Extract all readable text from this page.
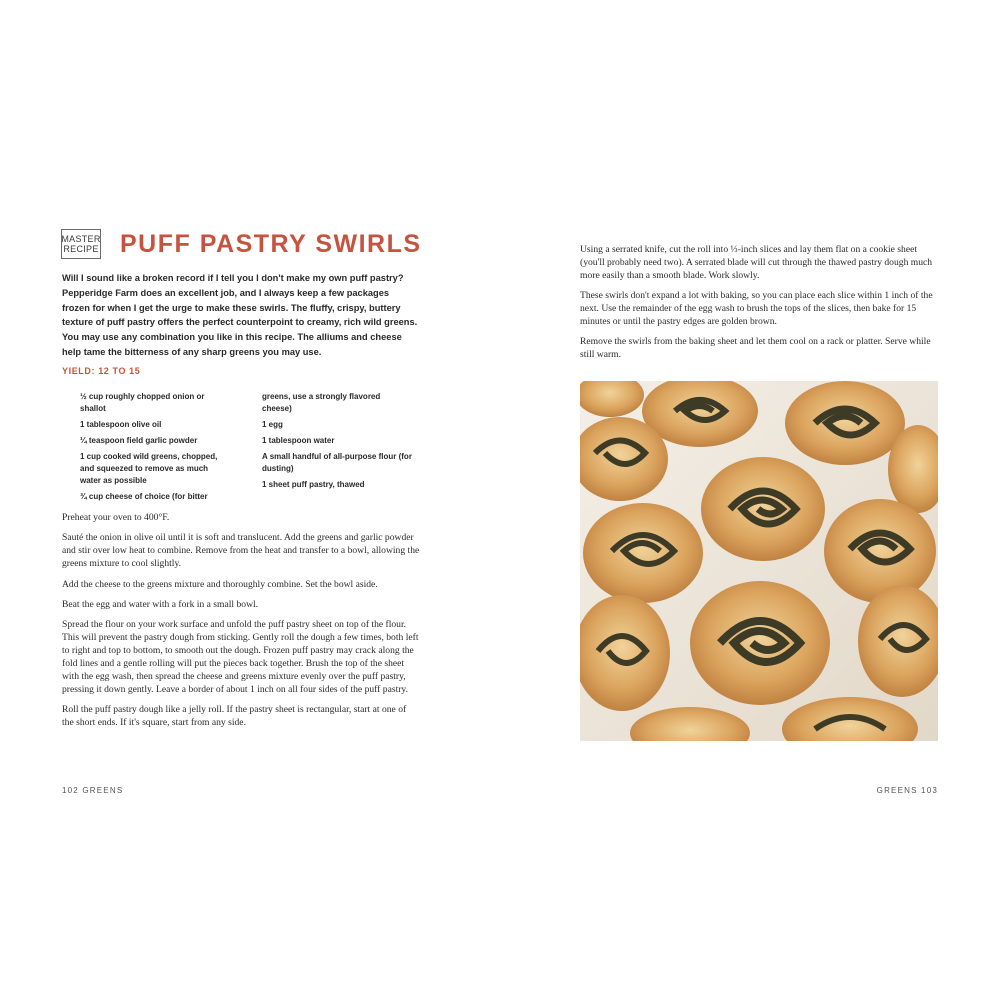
MASTER
RECIPE PUFF PASTRY SWIRLS

Will I sound like a broken record if I tell you I don't make my own puff pastry? Pepperidge Farm does an excellent job, and I always keep a few packages frozen for when I get the urge to make these swirls. The fluffy, crispy, buttery texture of puff pastry offers the perfect counterpoint to creamy, rich wild greens. You may use any combination you like in this recipe. The alliums and cheese help tame the bitterness of any sharp greens you may use.

YIELD: 12 TO 15
½ cup roughly chopped onion or shallot
1 tablespoon olive oil
¼ teaspoon field garlic powder
1 cup cooked wild greens, chopped, and squeezed to remove as much water as possible
¾ cup cheese of choice (for bitter
greens, use a strongly flavored cheese)
1 egg
1 tablespoon water
A small handful of all-purpose flour (for dusting)
1 sheet puff pastry, thawed

Preheat your oven to 400°F.

Sauté the onion in olive oil until it is soft and translucent. Add the greens and garlic powder and stir over low heat to combine. Remove from the heat and transfer to a bowl, allowing the greens mixture to cool slightly.

Add the cheese to the greens mixture and thoroughly combine. Set the bowl aside.

Beat the egg and water with a fork in a small bowl.

Spread the flour on your work surface and unfold the puff pastry sheet on top of the flour. This will prevent the pastry dough from sticking. Gently roll the dough a few times, both left to right and top to bottom, to smooth out the dough. Frozen puff pastry may crack along the fold lines and a gentle rolling will put the pieces back together. Brush the top of the sheet with the egg wash, then spread the cheese and greens mixture evenly over the puff pastry, pressing it down gently. Leave a border of about 1 inch on all four sides of the puff pastry.

Roll the puff pastry dough like a jelly roll. If the pastry sheet is rectangular, start at one of the short ends. If it's square, start from any side.

102 GREENS

Using a serrated knife, cut the roll into ⅓-inch slices and lay them flat on a cookie sheet (you'll probably need two). A serrated blade will cut through the thawed pastry dough much more easily than a smooth blade. Work slowly.

These swirls don't expand a lot with baking, so you can place each slice within 1 inch of the next. Use the remainder of the egg wash to brush the tops of the slices, then bake for 15 minutes or until the pastry edges are golden brown.

Remove the swirls from the baking sheet and let them cool on a rack or platter. Serve while still warm.

GREENS 103
